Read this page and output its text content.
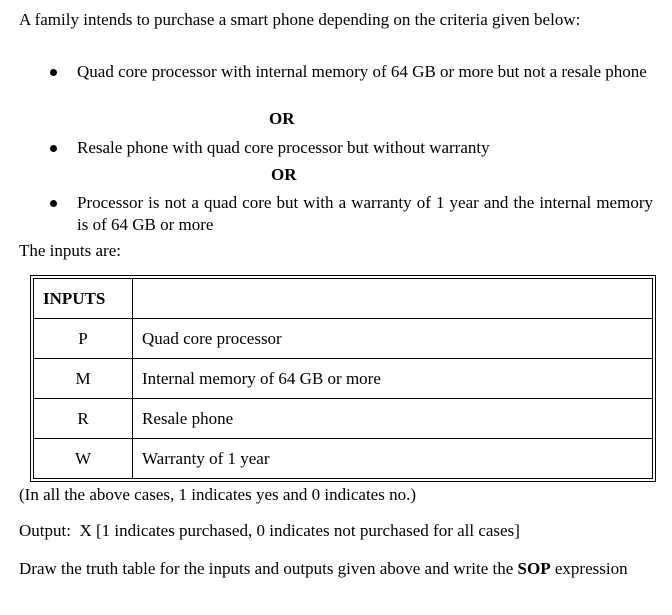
A family intends to purchase a smart phone depending on the criteria given below:
Quad core processor with internal memory of 64 GB or more but not a resale phone
OR
Resale phone with quad core processor but without warranty
OR
Processor is not a quad core but with a warranty of 1 year and the internal memory is of 64 GB or more
The inputs are:
INPUTS	
P	Quad core processor
M	Internal memory of 64 GB or more
R	Resale phone
W	Warranty of 1 year
(In all the above cases, 1 indicates yes and 0 indicates no.)
Output:  X [1 indicates purchased, 0 indicates not purchased for all cases]
Draw the truth table for the inputs and outputs given above and write the SOP expression
